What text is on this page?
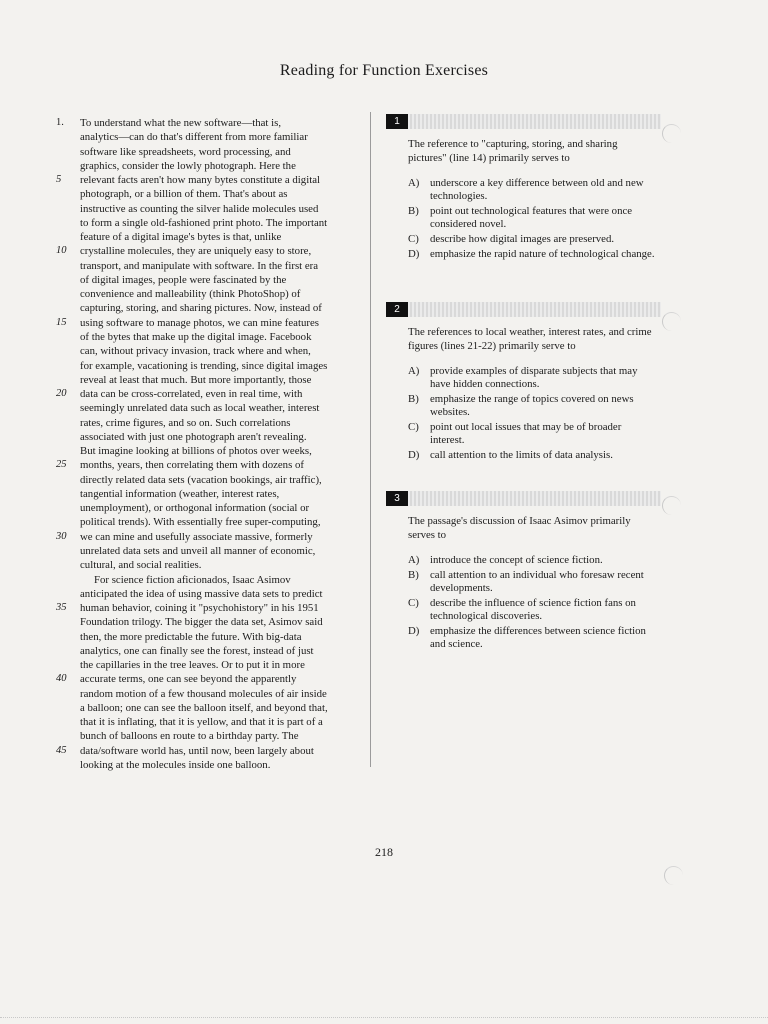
Reading for Function Exercises
1.	To understand what the new software—that is,
analytics—can do that's different from more familiar
software like spreadsheets, word processing, and
graphics, consider the lowly photograph. Here the
5	relevant facts aren't how many bytes constitute a digital
photograph, or a billion of them. That's about as
instructive as counting the silver halide molecules used
to form a single old-fashioned print photo. The important
feature of a digital image's bytes is that, unlike
10	crystalline molecules, they are uniquely easy to store,
transport, and manipulate with software. In the first era
of digital images, people were fascinated by the
convenience and malleability (think PhotoShop) of
capturing, storing, and sharing pictures. Now, instead of
15	using software to manage photos, we can mine features
of the bytes that make up the digital image. Facebook
can, without privacy invasion, track where and when,
for example, vacationing is trending, since digital images
reveal at least that much. But more importantly, those
20	data can be cross-correlated, even in real time, with
seemingly unrelated data such as local weather, interest
rates, crime figures, and so on. Such correlations
associated with just one photograph aren't revealing.
But imagine looking at billions of photos over weeks,
25	months, years, then correlating them with dozens of
directly related data sets (vacation bookings, air traffic),
tangential information (weather, interest rates,
unemployment), or orthogonal information (social or
political trends). With essentially free super-computing,
30	we can mine and usefully associate massive, formerly
unrelated data sets and unveil all manner of economic,
cultural, and social realities.
For science fiction aficionados, Isaac Asimov
anticipated the idea of using massive data sets to predict
35	human behavior, coining it "psychohistory" in his 1951
Foundation trilogy. The bigger the data set, Asimov said
then, the more predictable the future. With big-data
analytics, one can finally see the forest, instead of just
the capillaries in the tree leaves. Or to put it in more
40	accurate terms, one can see beyond the apparently
random motion of a few thousand molecules of air inside
a balloon; one can see the balloon itself, and beyond that,
that it is inflating, that it is yellow, and that it is part of a
bunch of balloons en route to a birthday party. The
45	data/software world has, until now, been largely about
looking at the molecules inside one balloon.
1
The reference to "capturing, storing, and sharing pictures" (line 14) primarily serves to
A) underscore a key difference between old and new technologies.
B) point out technological features that were once considered novel.
C) describe how digital images are preserved.
D) emphasize the rapid nature of technological change.
2
The references to local weather, interest rates, and crime figures (lines 21-22) primarily serve to
A) provide examples of disparate subjects that may have hidden connections.
B) emphasize the range of topics covered on news websites.
C) point out local issues that may be of broader interest.
D) call attention to the limits of data analysis.
3
The passage's discussion of Isaac Asimov primarily serves to
A) introduce the concept of science fiction.
B) call attention to an individual who foresaw recent developments.
C) describe the influence of science fiction fans on technological discoveries.
D) emphasize the differences between science fiction and science.
218
